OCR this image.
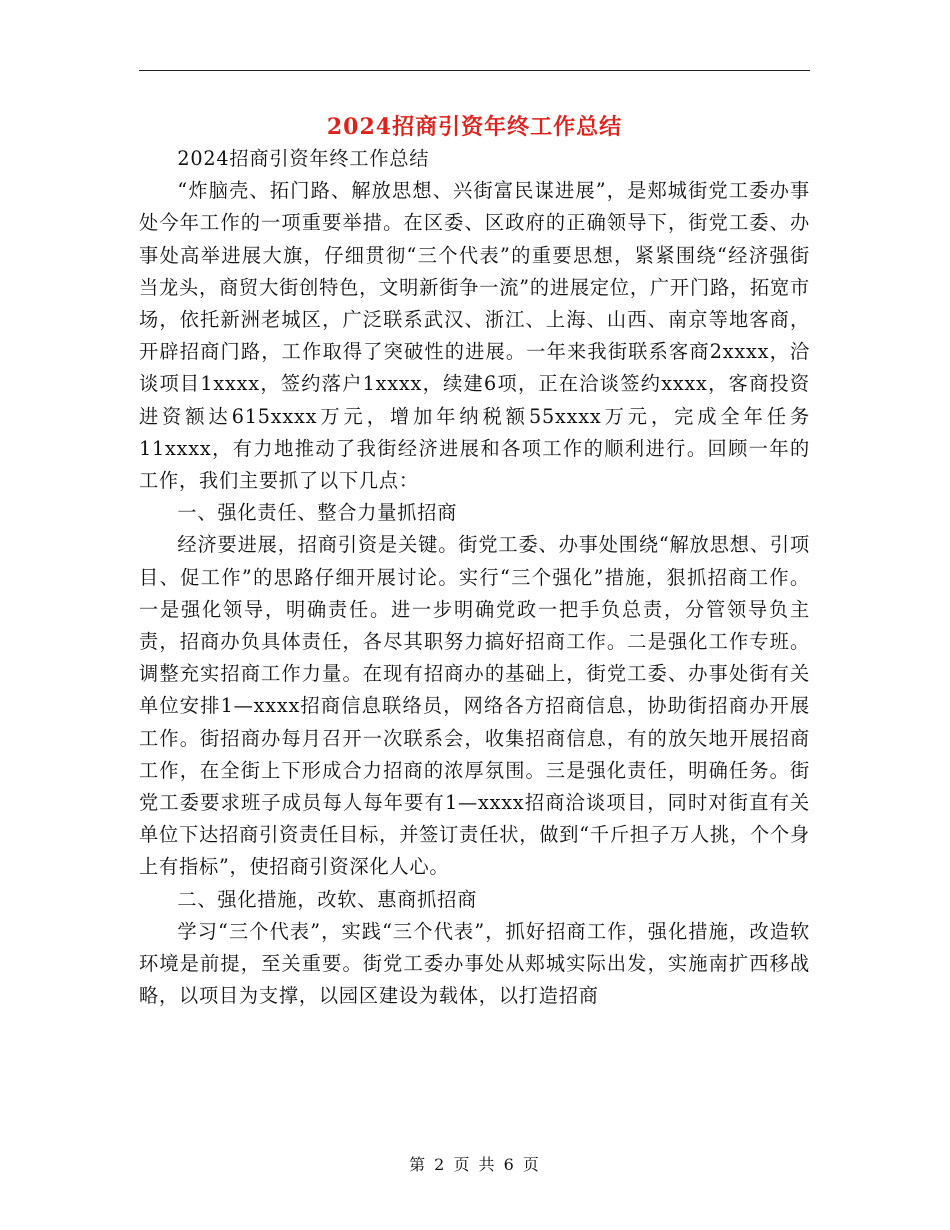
2024招商引资年终工作总结

2024招商引资年终工作总结

“炸脑壳、拓门路、解放思想、兴街富民谋进展”，是郏城街党工委办事处今年工作的一项重要举措。在区委、区政府的正确领导下，街党工委、办事处高举进展大旗，仔细贯彻“三个代表”的重要思想，紧紧围绕“经济强街当龙头，商贸大街创特色，文明新街争一流”的进展定位，广开门路，拓宽市场，依托新洲老城区，广泛联系武汉、浙江、上海、山西、南京等地客商，开辟招商门路，工作取得了突破性的进展。一年来我街联系客商2xxxx，洽谈项目1xxxx，签约落户1xxxx，续建6项，正在洽谈签约xxxx，客商投资进资额达615xxxx万元，增加年纳税额55xxxx万元，完成全年任务11xxxx，有力地推动了我街经济进展和各项工作的顺利进行。回顾一年的工作，我们主要抓了以下几点：

一、强化责任、整合力量抓招商

经济要进展，招商引资是关键。街党工委、办事处围绕“解放思想、引项目、促工作”的思路仔细开展讨论。实行“三个强化”措施，狠抓招商工作。一是强化领导，明确责任。进一步明确党政一把手负总责，分管领导负主责，招商办负具体责任，各尽其职努力搞好招商工作。二是强化工作专班。调整充实招商工作力量。在现有招商办的基础上，街党工委、办事处街有关单位安排1—xxxx招商信息联络员，网络各方招商信息，协助街招商办开展工作。街招商办每月召开一次联系会，收集招商信息，有的放矢地开展招商工作，在全街上下形成合力招商的浓厚氛围。三是强化责任，明确任务。街党工委要求班子成员每人每年要有1—xxxx招商洽谈项目，同时对街直有关单位下达招商引资责任目标，并签订责任状，做到“千斤担子万人挑，个个身上有指标”，使招商引资深化人心。

二、强化措施，改软、惠商抓招商

学习“三个代表”，实践“三个代表”，抓好招商工作，强化措施，改造软环境是前提，至关重要。街党工委办事处从郏城实际出发，实施南扩西移战略，以项目为支撑，以园区建设为载体，以打造招商

第 2 页 共 6 页
